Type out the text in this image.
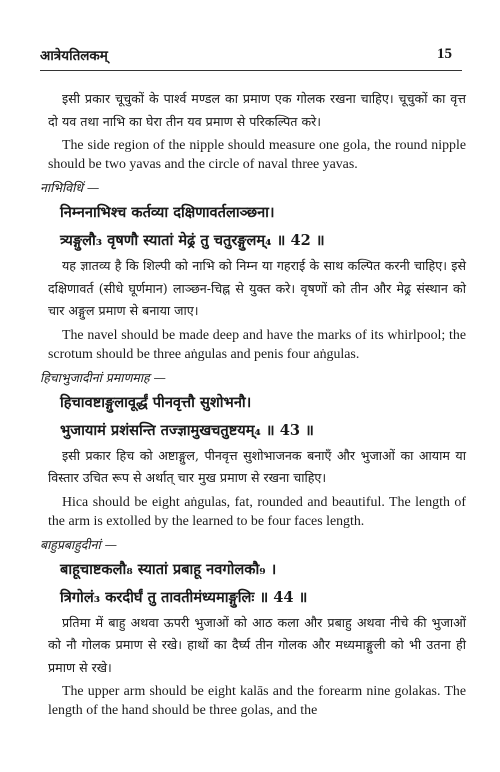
आत्रेयतिलकम्	15

इसी प्रकार चूचुकों के पार्श्व मण्डल का प्रमाण एक गोलक रखना चाहिए। चूचुकों का वृत्त दो यव तथा नाभि का घेरा तीन यव प्रमाण से परिकल्पित करे।

The side region of the nipple should measure one gola, the round nipple should be two yavas and the circle of naval three yavas.

नाभिविधिं —
निम्ननाभिश्च कर्तव्या दक्षिणावर्तलाञ्छना।
त्र्यङ्गुलौ₃ वृषणौ स्यातां मेढ्रं तु चतुरङ्गुलम्₄ ॥ 42 ॥

यह ज्ञातव्य है कि शिल्पी को नाभि को निम्न या गहराई के साथ कल्पित करनी चाहिए। इसे दक्षिणावर्त (सीधे घूर्णमान) लाञ्छन-चिह्न से युक्त करे। वृषणों को तीन और मेढ्र संस्थान को चार अङ्गुल प्रमाण से बनाया जाए।

The navel should be made deep and have the marks of its whirlpool; the scrotum should be three aṅgulas and penis four aṅgulas.

हिचाभुजादीनां प्रमाणमाह —
हिचावष्टाङ्गुलावूर्द्धं पीनवृत्तौ सुशोभनौ।
भुजायामं प्रशंसन्ति तज्ज्ञामुखचतुष्टयम्₄ ॥ 43 ॥

इसी प्रकार हिच को अष्टाङ्गुल, पीनवृत्त सुशोभाजनक बनाएँ और भुजाओं का आयाम या विस्तार उचित रूप से अर्थात् चार मुख प्रमाण से रखना चाहिए।

Hica should be eight aṅgulas, fat, rounded and beautiful. The length of the arm is extolled by the learned to be four faces length.

बाहुप्रबाहुदीनां —
बाहूचाष्टकलौ₈ स्यातां प्रबाहू नवगोलकौ₉ ।
त्रिगोलं₃ करदीर्घं तु तावतीमंध्यमाङ्गुलिः ॥ 44 ॥

प्रतिमा में बाहु अथवा ऊपरी भुजाओं को आठ कला और प्रबाहु अथवा नीचे की भुजाओं को नौ गोलक प्रमाण से रखे। हाथों का दैर्घ्य तीन गोलक और मध्यमाङ्गुली को भी उतना ही प्रमाण से रखे।

The upper arm should be eight kalās and the forearm nine golakas. The length of the hand should be three golas, and the
